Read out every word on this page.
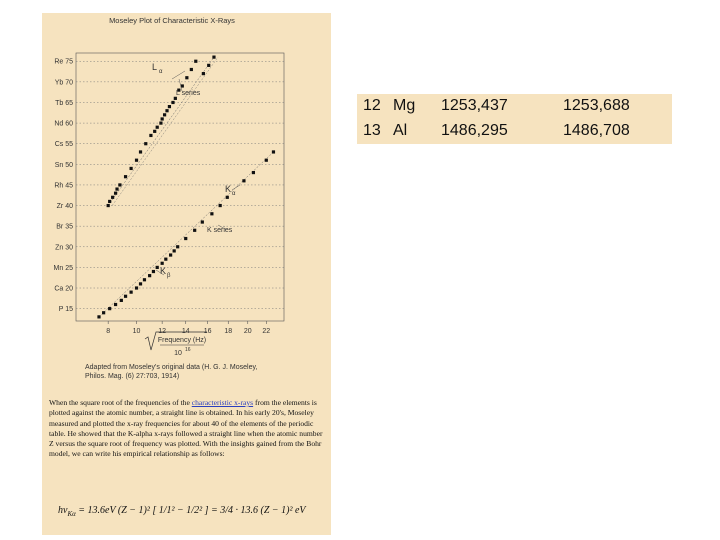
Moseley Plot of Characteristic X-Rays
Re 75
Yb 70
Tb 65
Nd 60
Cs 55
Sn 50
Rh 45
Zr 40
Br 35
Zn 30
Mn 25
Ca 20
P 15
8	10	12 14 16 18 20 22
L α
L series
K α
K series
K β
Frequency (Hz)
10 16
Adapted from Moseley's original data (H. G. J. Moseley,
Philos. Mag. (6) 27:703, 1914)
When the square root of the frequencies of the characteristic x-rays from the elements is plotted against the atomic number, a straight line is obtained. In his early 20's, Moseley measured and plotted the x-ray frequencies for about 40 of the elements of the periodic table. He showed that the K-alpha x-rays followed a straight line when the atomic number Z versus the square root of frequency was plotted. With the insights gained from the Bohr model, we can write his empirical relationship as follows:
$h\nu_{K\alpha} = 13.6eV$ (Z − 1)² [ 1/1² − 1/2² ] = 3/4 · 13.6 (Z − 1)² eV
12 Mg 1253,437	1253,688
13 Al 1486,295	1486,708
